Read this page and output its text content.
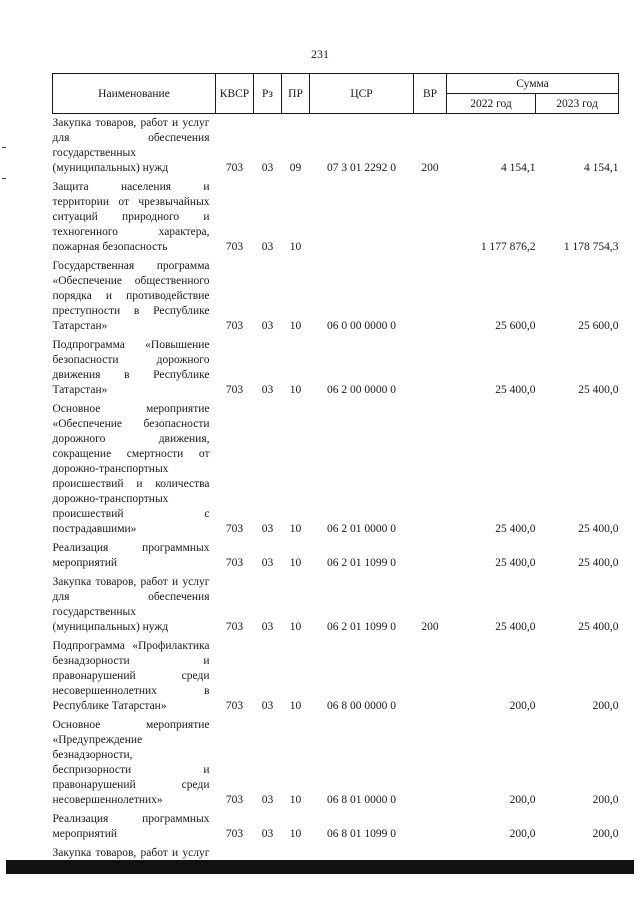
231
Наименование	КВСР	Рз	ПР	ЦСР	ВР	Сумма	
						2022 год	2023 год
Закупка товаров, работ и услуг для обеспечения государственных (муниципальных) нужд	703	03	09	07 3 01 2292 0	200	4 154,1	4 154,1
Защита населения и территории от чрезвычайных ситуаций природного и техногенного характера, пожарная безопасность	703	03	10			1 177 876,2	1 178 754,3
Государственная программа «Обеспечение общественного порядка и противодействие преступности в Республике Татарстан»	703	03	10	06 0 00 0000 0		25 600,0	25 600,0
Подпрограмма «Повышение безопасности дорожного движения в Республике Татарстан»	703	03	10	06 2 00 0000 0		25 400,0	25 400,0
Основное мероприятие «Обеспечение безопасности дорожного движения, сокращение смертности от дорожно-транспортных происшествий и количества дорожно-транспортных происшествий с пострадавшими»	703	03	10	06 2 01 0000 0		25 400,0	25 400,0
Реализация программных мероприятий	703	03	10	06 2 01 1099 0		25 400,0	25 400,0
Закупка товаров, работ и услуг для обеспечения государственных (муниципальных) нужд	703	03	10	06 2 01 1099 0	200	25 400,0	25 400,0
Подпрограмма «Профилактика безнадзорности и правонарушений среди несовершеннолетних в Республике Татарстан»	703	03	10	06 8 00 0000 0		200,0	200,0
Основное мероприятие «Предупреждение безнадзорности, беспризорности и правонарушений среди несовершеннолетних»	703	03	10	06 8 01 0000 0		200,0	200,0
Реализация программных мероприятий	703	03	10	06 8 01 1099 0		200,0	200,0
Закупка товаров, работ и услуг							
